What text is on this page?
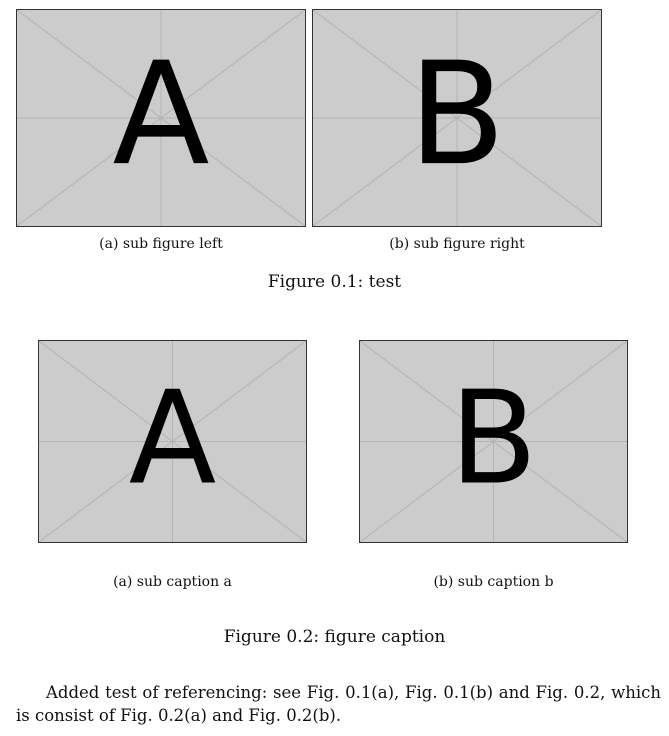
A	B
(a) sub figure left	(b) sub figure right
Figure 0.1: test
A	B
(a) sub caption a	(b) sub caption b
Figure 0.2: figure caption
Added test of referencing: see Fig. 0.1(a), Fig. 0.1(b) and Fig. 0.2, which is consist of Fig. 0.2(a) and Fig. 0.2(b).
